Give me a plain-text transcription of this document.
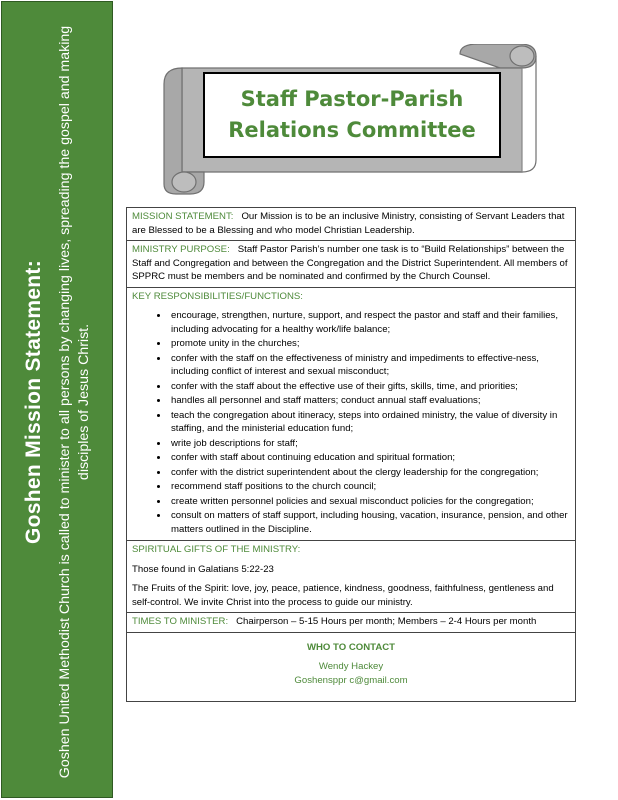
Goshen Mission Statement: Goshen United Methodist Church is called to minister to all persons by changing lives, spreading the gospel and making disciples of Jesus Christ.
Staff Pastor-Parish
Relations Committee

MISSION STATEMENT: Our Mission is to be an inclusive Ministry, consisting of Servant Leaders that are Blessed to be a Blessing and who model Christian Leadership.

MINISTRY PURPOSE: Staff Pastor Parish’s number one task is to “Build Relationships” between the Staff and Congregation and between the Congregation and the District Superintendent. All members of SPPRC must be members and be nominated and confirmed by the Church Counsel.

KEY RESPONSIBILITIES/FUNCTIONS:

• encourage, strengthen, nurture, support, and respect the pastor and staff and their families, including advocating for a healthy work/life balance;
• promote unity in the churches;
• confer with the staff on the effectiveness of ministry and impediments to effective-ness, including conflict of interest and sexual misconduct;
• confer with the staff about the effective use of their gifts, skills, time, and priorities;
• handles all personnel and staff matters; conduct annual staff evaluations;
• teach the congregation about itineracy, steps into ordained ministry, the value of diversity in staffing, and the ministerial education fund;
• write job descriptions for staff;
• confer with staff about continuing education and spiritual formation;
• confer with the district superintendent about the clergy leadership for the congregation;
• recommend staff positions to the church council;
• create written personnel policies and sexual misconduct policies for the congregation;
• consult on matters of staff support, including housing, vacation, insurance, pension, and other matters outlined in the Discipline.

SPIRITUAL GIFTS OF THE MINISTRY:

Those found in Galatians 5:22-23

The Fruits of the Spirit: love, joy, peace, patience, kindness, goodness, faithfulness, gentleness and self-control. We invite Christ into the process to guide our ministry.

TIMES TO MINISTER: Chairperson – 5-15 Hours per month; Members – 2-4 Hours per month

WHO TO CONTACT
Wendy Hackey
Goshensppr c@gmail.com
